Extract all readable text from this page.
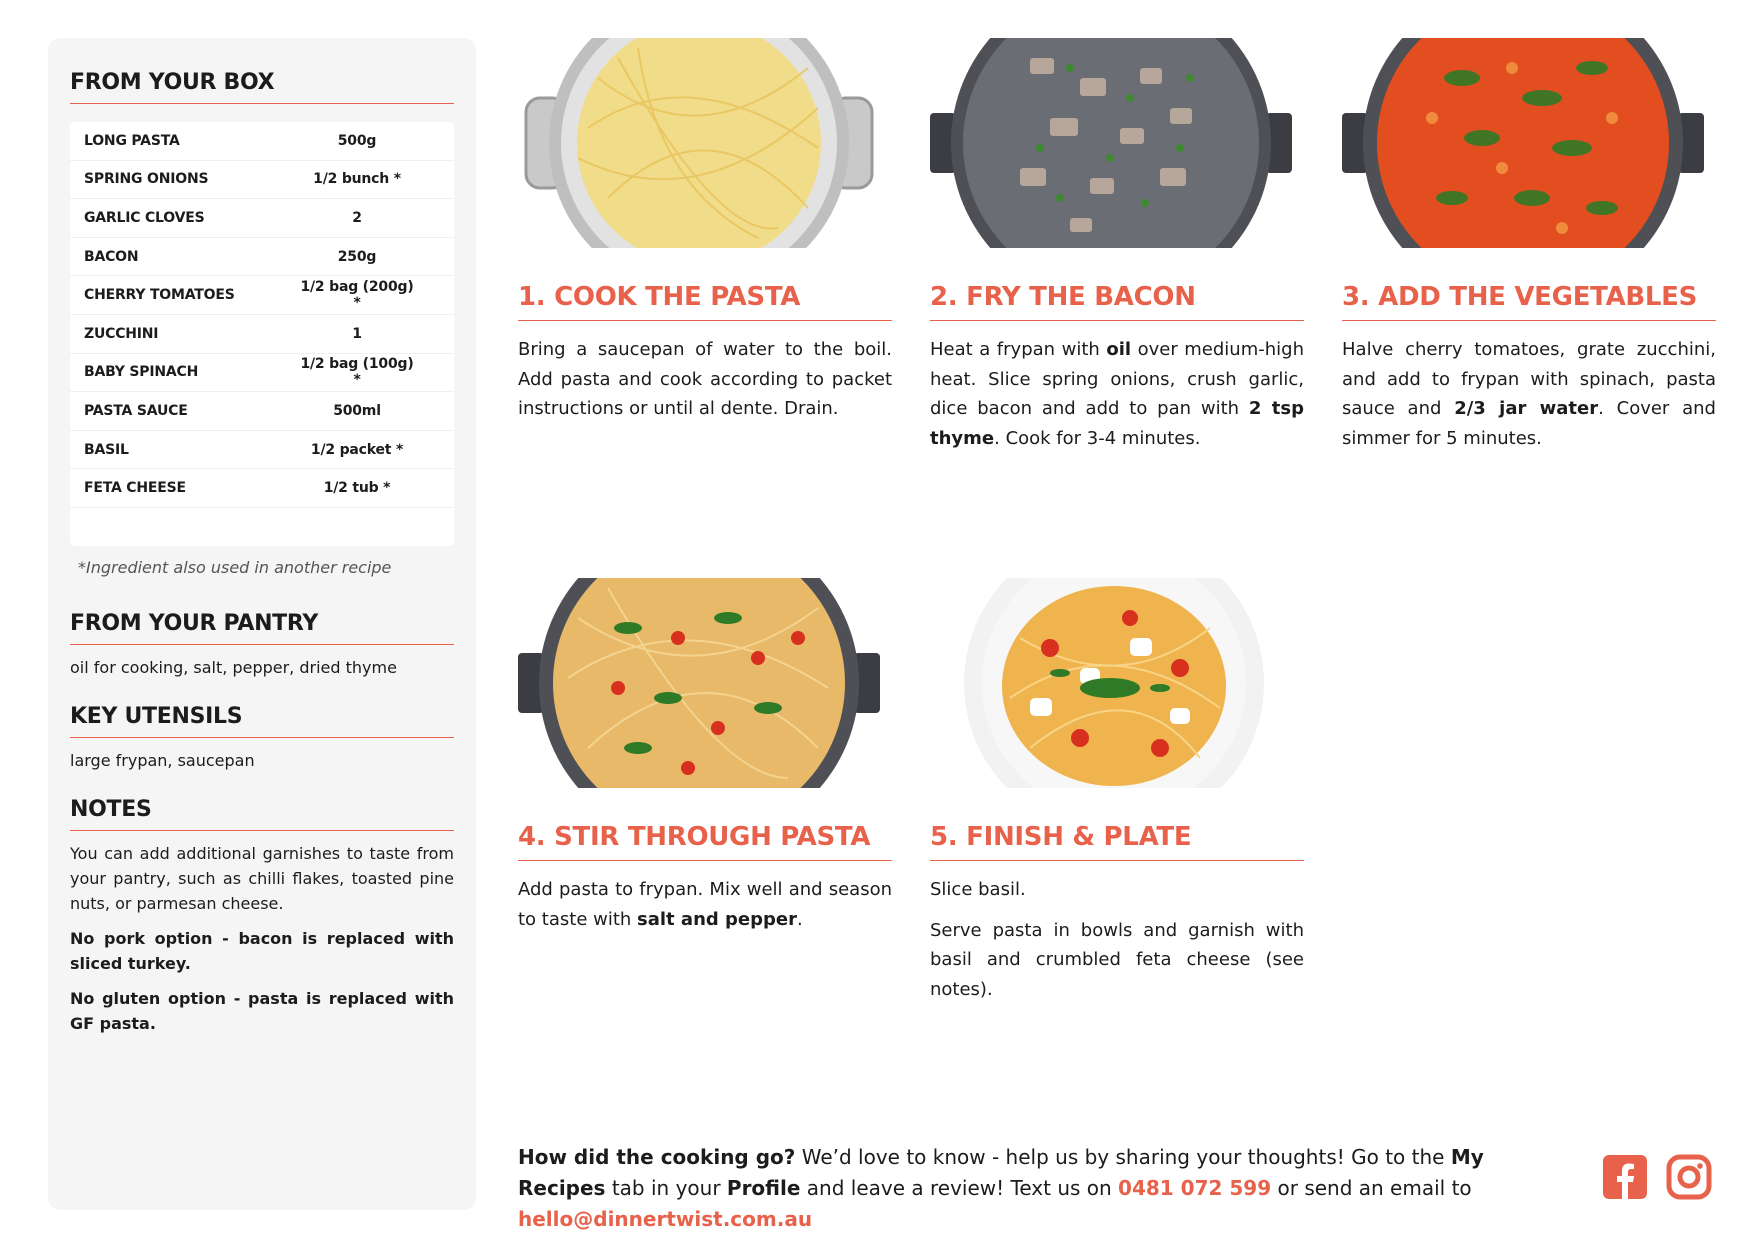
FROM YOUR BOX
LONG PASTA	500g
SPRING ONIONS	1/2 bunch *
GARLIC CLOVES	2
BACON	250g
CHERRY TOMATOES	1/2 bag (200g) *
ZUCCHINI	1
BABY SPINACH	1/2 bag (100g) *
PASTA SAUCE	500ml
BASIL	1/2 packet *
FETA CHEESE	1/2 tub *
*Ingredient also used in another recipe
FROM YOUR PANTRY
oil for cooking, salt, pepper, dried thyme
KEY UTENSILS
large frypan, saucepan
NOTES
You can add additional garnishes to taste from your pantry, such as chilli flakes, toasted pine nuts, or parmesan cheese.
No pork option - bacon is replaced with sliced turkey.
No gluten option - pasta is replaced with GF pasta.
1. COOK THE PASTA

Bring a saucepan of water to the boil. Add pasta and cook according to packet instructions or until al dente. Drain.

2. FRY THE BACON

Heat a frypan with oil over medium-high heat. Slice spring onions, crush garlic, dice bacon and add to pan with 2 tsp thyme. Cook for 3-4 minutes.

3. ADD THE VEGETABLES

Halve cherry tomatoes, grate zucchini, and add to frypan with spinach, pasta sauce and 2/3 jar water. Cover and simmer for 5 minutes.

4. STIR THROUGH PASTA

Add pasta to frypan. Mix well and season to taste with salt and pepper.

5. FINISH & PLATE

Slice basil.

Serve pasta in bowls and garnish with basil and crumbled feta cheese (see notes).

How did the cooking go? We’d love to know - help us by sharing your thoughts! Go to the My Recipes tab in your Profile and leave a review! Text us on 0481 072 599 or send an email to hello@dinnertwist.com.au
